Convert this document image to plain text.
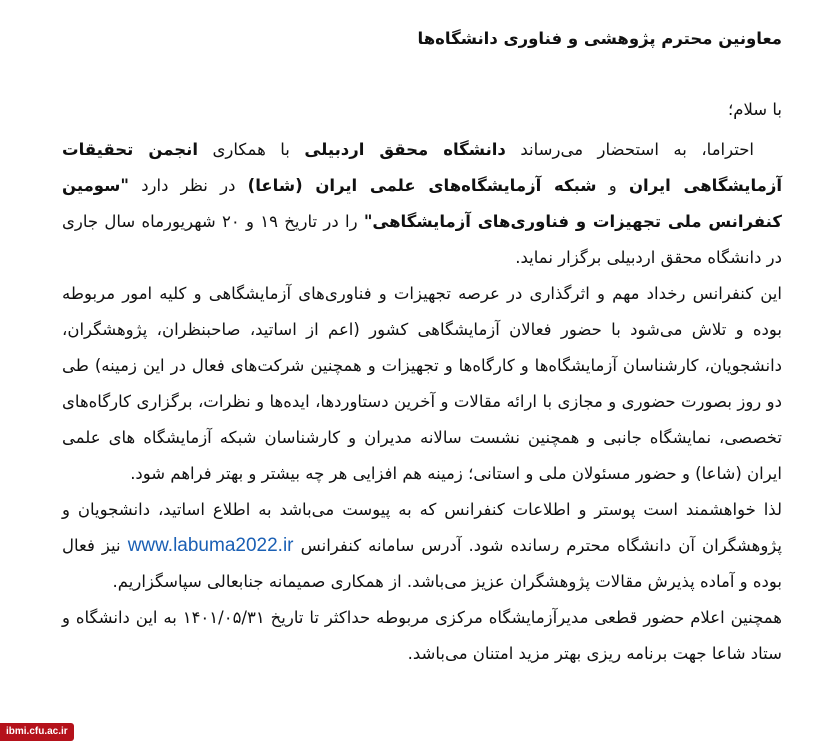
معاونین محترم پژوهشی و فناوری دانشگاه‌ها

با سلام؛

احتراما، به استحضار می‌رساند دانشگاه محقق اردبیلی با همکاری انجمن تحقیقات آزمایشگاهی ایران و شبکه آزمایشگاه‌های علمی ایران (شاعا) در نظر دارد "سومین کنفرانس ملی تجهیزات و فناوری‌های آزمایشگاهی" را در تاریخ ۱۹ و ۲۰ شهریورماه سال جاری در دانشگاه محقق اردبیلی برگزار نماید.

این کنفرانس رخداد مهم و اثرگذاری در عرصه تجهیزات و فناوری‌های آزمایشگاهی و کلیه امور مربوطه بوده و تلاش می‌شود با حضور فعالان آزمایشگاهی کشور (اعم از اساتید، صاحبنظران، پژوهشگران، دانشجویان، کارشناسان آزمایشگاه‌ها و کارگاه‌ها و تجهیزات و همچنین شرکت‌های فعال در این زمینه) طی دو روز بصورت حضوری و مجازی با ارائه مقالات و آخرین دستاوردها، ایده‌ها و نظرات، برگزاری کارگاه‌های تخصصی، نمایشگاه جانبی و همچنین نشست سالانه مدیران و کارشناسان شبکه آزمایشگاه های علمی ایران (شاعا) و حضور مسئولان ملی و استانی؛ زمینه هم افزایی هر چه بیشتر و بهتر فراهم شود.

لذا خواهشمند است پوستر و اطلاعات کنفرانس که به پیوست می‌باشد به اطلاع اساتید، دانشجویان و پژوهشگران آن دانشگاه محترم رسانده شود. آدرس سامانه کنفرانس www.labuma2022.ir نیز فعال بوده و آماده پذیرش مقالات پژوهشگران عزیز می‌باشد. از همکاری صمیمانه جنابعالی سپاسگزاریم.

همچنین اعلام حضور قطعی مدیرآزمایشگاه مرکزی مربوطه حداکثر تا تاریخ ۱۴۰۱/۰۵/۳۱ به این دانشگاه و ستاد شاعا جهت برنامه ریزی بهتر مزید امتنان می‌باشد.

ibmi.cfu.ac.ir
